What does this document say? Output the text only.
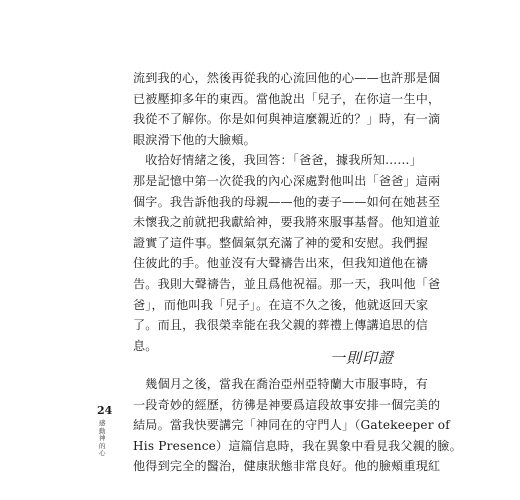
流到我的心，然後再從我的心流回他的心——也許那是個
已被壓抑多年的東西。當他說出「兒子，在你這一生中，
我從不了解你。你是如何與神這麼親近的？」時，有一滴
眼淚滑下他的大臉頰。
　收拾好情緒之後，我回答：「爸爸，據我所知……」
那是記憶中第一次從我的內心深處對他叫出「爸爸」這兩
個字。我告訴他我的母親——他的妻子——如何在她甚至
未懷我之前就把我獻給神，要我將來服事基督。他知道並
證實了這件事。整個氣氛充滿了神的愛和安慰。我們握
住彼此的手。他並沒有大聲禱告出來，但我知道他在禱
告。我則大聲禱告，並且爲他祝福。那一天，我叫他「爸
爸」，而他叫我「兒子」。在這不久之後，他就返回天家
了。而且，我很榮幸能在我父親的葬禮上傳講追思的信
息。
一則印證
　幾個月之後，當我在喬治亞州亞特蘭大市服事時，有
一段奇妙的經歷，彷彿是神要爲這段故事安排一個完美的
結局。當我快要講完「神同在的守門人」（Gatekeeper of
His Presence）這篇信息時，我在異象中看見我父親的臉。
他得到完全的醫治，健康狀態非常良好。他的臉頰重現紅
24
感動神的心
